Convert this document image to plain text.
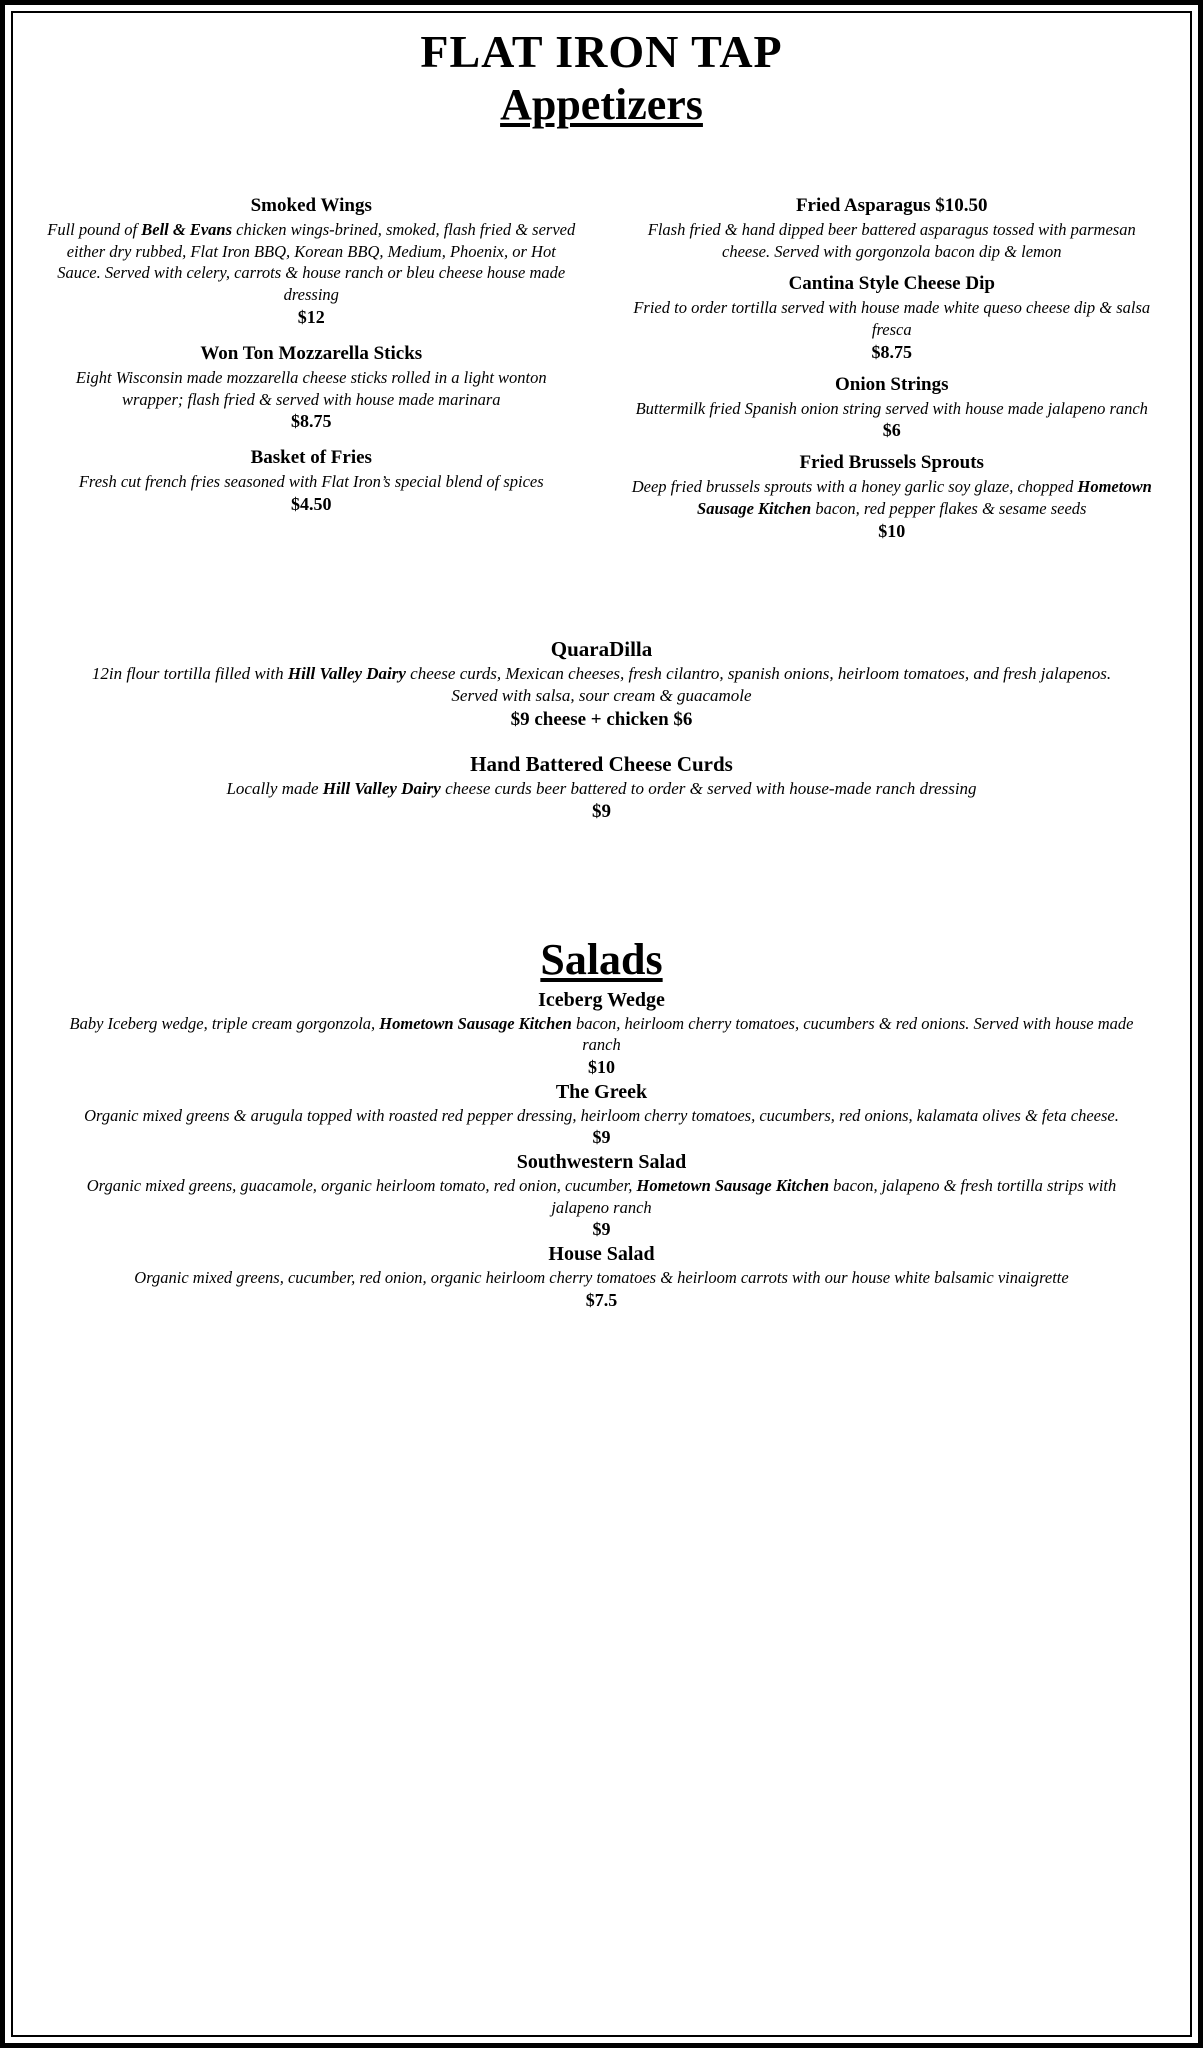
FLAT IRON TAP
Appetizers
Smoked Wings
Full pound of Bell & Evans chicken wings-brined, smoked, flash fried & served either dry rubbed, Flat Iron BBQ, Korean BBQ, Medium, Phoenix, or Hot Sauce. Served with celery, carrots & house ranch or bleu cheese house made dressing
$12
Won Ton Mozzarella Sticks
Eight Wisconsin made mozzarella cheese sticks rolled in a light wonton wrapper; flash fried & served with house made marinara
$8.75
Basket of Fries
Fresh cut french fries seasoned with Flat Iron’s special blend of spices
$4.50
Fried Asparagus $10.50
Flash fried & hand dipped beer battered asparagus tossed with parmesan cheese. Served with gorgonzola bacon dip & lemon
Cantina Style Cheese Dip
Fried to order tortilla served with house made white queso cheese dip & salsa fresca
$8.75
Onion Strings
Buttermilk fried Spanish onion string served with house made jalapeno ranch
$6
Fried Brussels Sprouts
Deep fried brussels sprouts with a honey garlic soy glaze, chopped Hometown Sausage Kitchen bacon, red pepper flakes & sesame seeds
$10
QuaraDilla
12in flour tortilla filled with Hill Valley Dairy cheese curds, Mexican cheeses, fresh cilantro, spanish onions, heirloom tomatoes, and fresh jalapenos. Served with salsa, sour cream & guacamole
$9 cheese + chicken $6
Hand Battered Cheese Curds
Locally made Hill Valley Dairy cheese curds beer battered to order & served with house-made ranch dressing
$9
Salads
Iceberg Wedge
Baby Iceberg wedge, triple cream gorgonzola, Hometown Sausage Kitchen bacon, heirloom cherry tomatoes, cucumbers & red onions. Served with house made ranch
$10
The Greek
Organic mixed greens & arugula topped with roasted red pepper dressing, heirloom cherry tomatoes, cucumbers, red onions, kalamata olives & feta cheese.
$9
Southwestern Salad
Organic mixed greens, guacamole, organic heirloom tomato, red onion, cucumber, Hometown Sausage Kitchen bacon, jalapeno & fresh tortilla strips with jalapeno ranch
$9
House Salad
Organic mixed greens, cucumber, red onion, organic heirloom cherry tomatoes & heirloom carrots with our house white balsamic vinaigrette
$7.5
